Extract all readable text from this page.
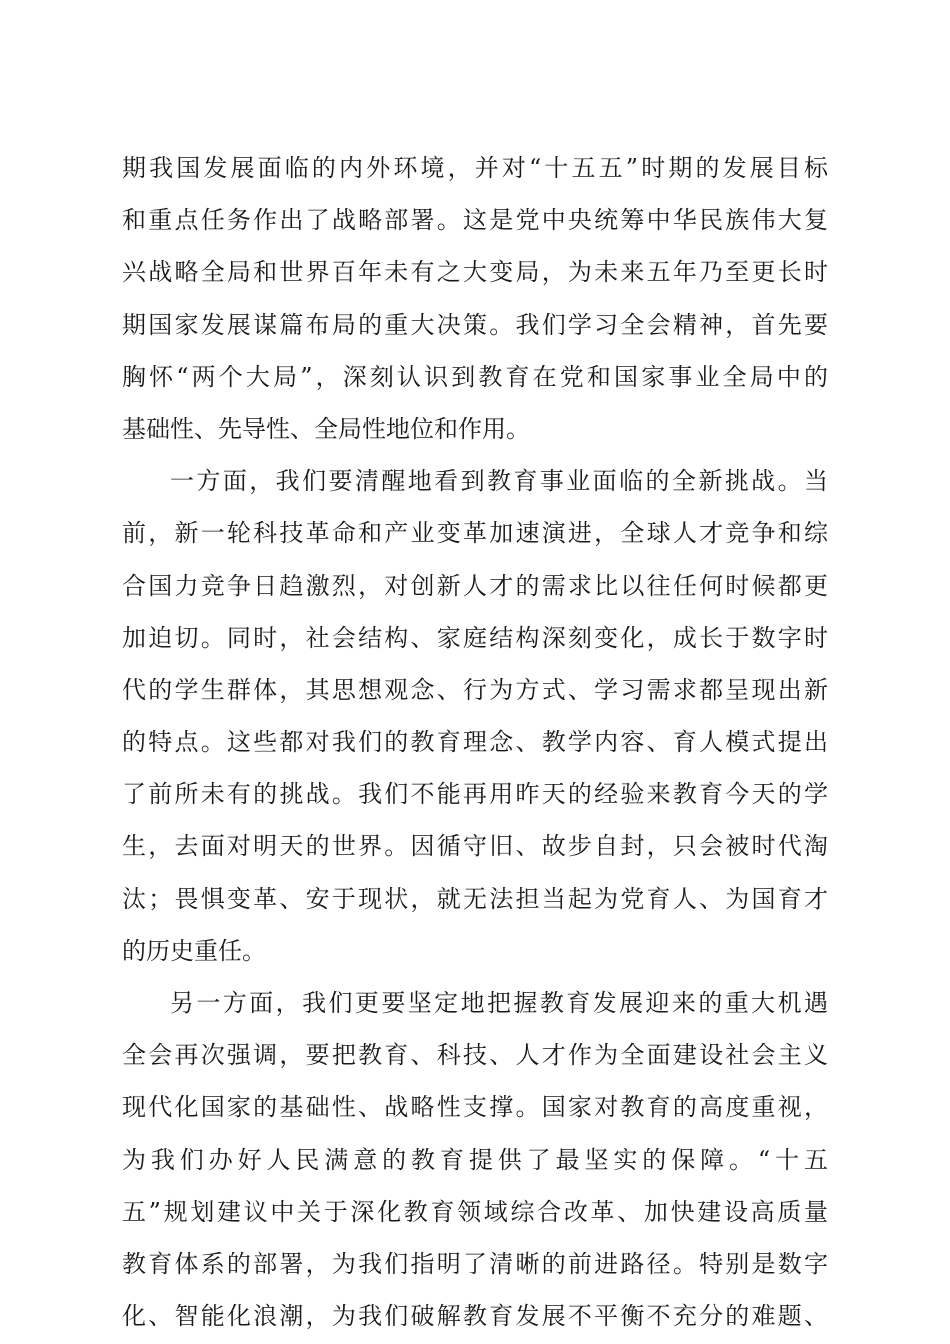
期我国发展面临的内外环境，并对“十五五”时期的发展目标
和重点任务作出了战略部署。这是党中央统筹中华民族伟大复
兴战略全局和世界百年未有之大变局，为未来五年乃至更长时
期国家发展谋篇布局的重大决策。我们学习全会精神，首先要
胸怀“两个大局”，深刻认识到教育在党和国家事业全局中的
基础性、先导性、全局性地位和作用。
一方面，我们要清醒地看到教育事业面临的全新挑战。当
前，新一轮科技革命和产业变革加速演进，全球人才竞争和综
合国力竞争日趋激烈，对创新人才的需求比以往任何时候都更
加迫切。同时，社会结构、家庭结构深刻变化，成长于数字时
代的学生群体，其思想观念、行为方式、学习需求都呈现出新
的特点。这些都对我们的教育理念、教学内容、育人模式提出
了前所未有的挑战。我们不能再用昨天的经验来教育今天的学
生，去面对明天的世界。因循守旧、故步自封，只会被时代淘
汰；畏惧变革、安于现状，就无法担当起为党育人、为国育才
的历史重任。
另一方面，我们更要坚定地把握教育发展迎来的重大机遇
全会再次强调，要把教育、科技、人才作为全面建设社会主义
现代化国家的基础性、战略性支撑。国家对教育的高度重视，
为我们办好人民满意的教育提供了最坚实的保障。“十五
五”规划建议中关于深化教育领域综合改革、加快建设高质量
教育体系的部署，为我们指明了清晰的前进路径。特别是数字
化、智能化浪潮，为我们破解教育发展不平衡不充分的难题、
